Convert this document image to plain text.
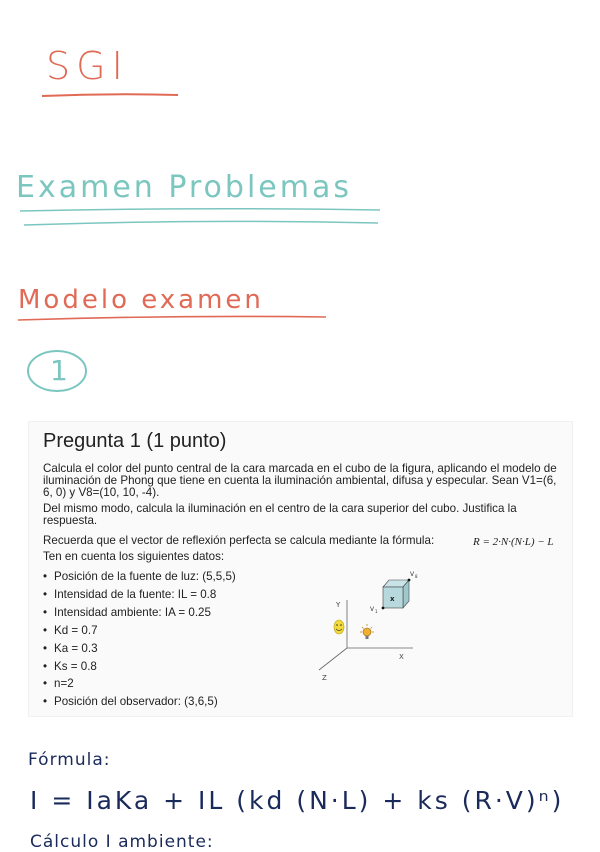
SGI
Examen Problemas
Modelo examen
1
Pregunta 1 (1 punto)
Calcula el color del punto central de la cara marcada en el cubo de la figura, aplicando el modelo de iluminación de Phong que tiene en cuenta la iluminación ambiental, difusa y especular. Sean V1=(6, 6, 0) y V8=(10, 10, -4).
Del mismo modo, calcula la iluminación en el centro de la cara superior del cubo. Justifica la respuesta.
Recuerda que el vector de reflexión perfecta se calcula mediante la fórmula:	R = 2·N·(N·L) − L
Ten en cuenta los siguientes datos:
• Posición de la fuente de luz: (5,5,5)
• Intensidad de la fuente: IL = 0.8
• Intensidad ambiente: IA = 0.25
• Kd = 0.7
• Ka = 0.3
• Ks = 0.8
• n=2
• Posición del observador: (3,6,5)
Y
X
Z
x
V 1
V 8
Fórmula:
I = IaKa + IL (kd (N·L) + ks (R·V)ⁿ)
Cálculo I ambiente:
